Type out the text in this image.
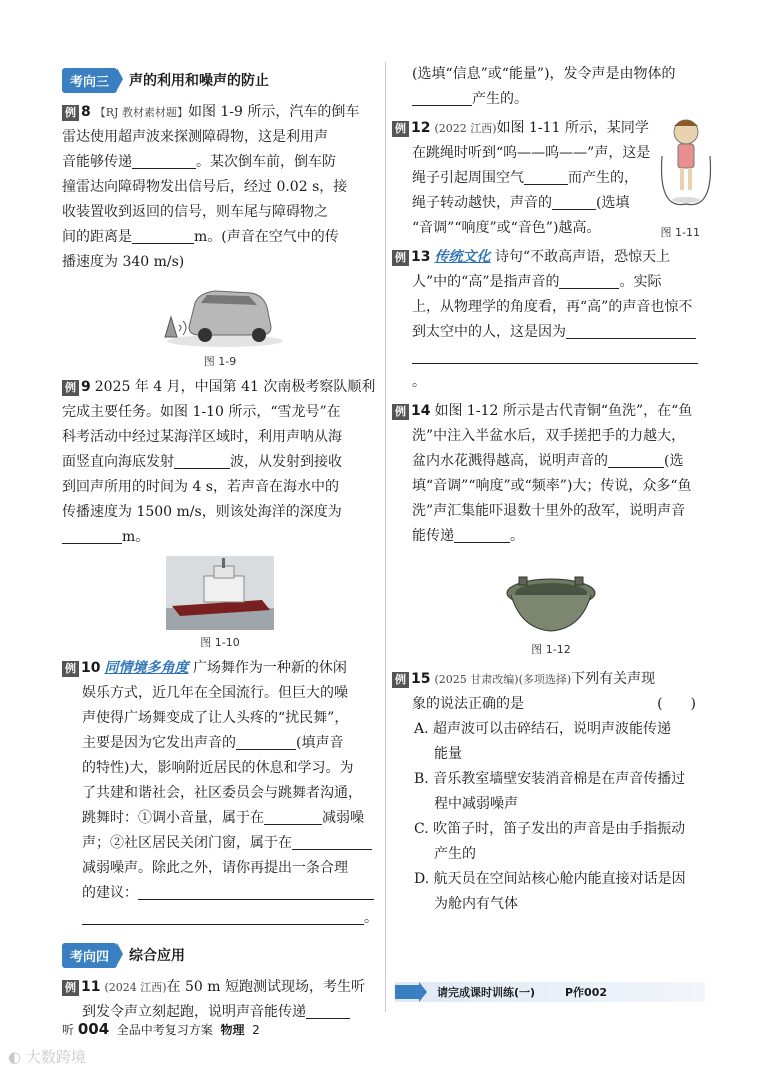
考向三	声的利用和噪声的防止

例 8 【RJ 教材素材题】如图 1-9 所示，汽车的倒车

雷达使用超声波来探测障碍物，这是利用声

音能够传递	。某次倒车前，倒车防

撞雷达向障碍物发出信号后，经过 0.02 s，接

收装置收到返回的信号，则车尾与障碍物之

间的距离是	m。(声音在空气中的传

播速度为 340 m/s)

图 1-9

例 9 2025 年 4 月，中国第 41 次南极考察队顺利

完成主要任务。如图 1-10 所示，“雪龙号”在

科考活动中经过某海洋区域时，利用声呐从海

面竖直向海底发射	波，从发射到接收

到回声所用的时间为 4 s，若声音在海水中的

传播速度为 1500 m/s，则该处海洋的深度为

m。

图 1-10

例 10 同情境多角度 广场舞作为一种新的休闲

娱乐方式，近几年在全国流行。但巨大的噪

声使得广场舞变成了让人头疼的“扰民舞”，

主要是因为它发出声音的	(填声音

的特性)大，影响附近居民的休息和学习。为

了共建和谐社会，社区委员会与跳舞者沟通，

跳舞时：①调小音量，属于在	减弱噪

声；②社区居民关闭门窗，属于在

减弱噪声。除此之外，请你再提出一条合理

的建议：

。

考向四	综合应用

例 11 (2024 江西)在 50 m 短跑测试现场，考生听

到发令声立刻起跑，说明声音能传递

(选填“信息”或“能量”)，发令声是由物体的

产生的。

例 12 (2022 江西)如图 1-11 所示，某同学

在跳绳时听到“呜——呜——”声，这是

绳子引起周围空气	而产生的，

绳子转动越快，声音的	(选填

“音调”“响度”或“音色”)越高。	图 1-11

例 13 传统文化 诗句“不敢高声语，恐惊天上

人”中的“高”是指声音的	。实际

上，从物理学的角度看，再“高”的声音也惊不

到太空中的人，这是因为

。

例 14 如图 1-12 所示是古代青铜“鱼洗”，在“鱼

洗”中注入半盆水后，双手搓把手的力越大，

盆内水花溅得越高，说明声音的	(选

填“音调”“响度”或“频率”)大；传说，众多“鱼

洗”声汇集能吓退数十里外的敌军，说明声音

能传递	。

图 1-12

例 15 (2025 甘肃改编)(多项选择)下列有关声现

象的说法正确的是	(　　)

A. 超声波可以击碎结石，说明声波能传递
能量
B. 音乐教室墙壁安装消音棉是在声音传播过
程中减弱噪声
C. 吹笛子时，笛子发出的声音是由手指振动
产生的
D. 航天员在空间站核心舱内能直接对话是因
为舱内有气体
请完成课时训练(一)	P作002
听 004 全品中考复习方案 物理 2
◐ 大数跨境
